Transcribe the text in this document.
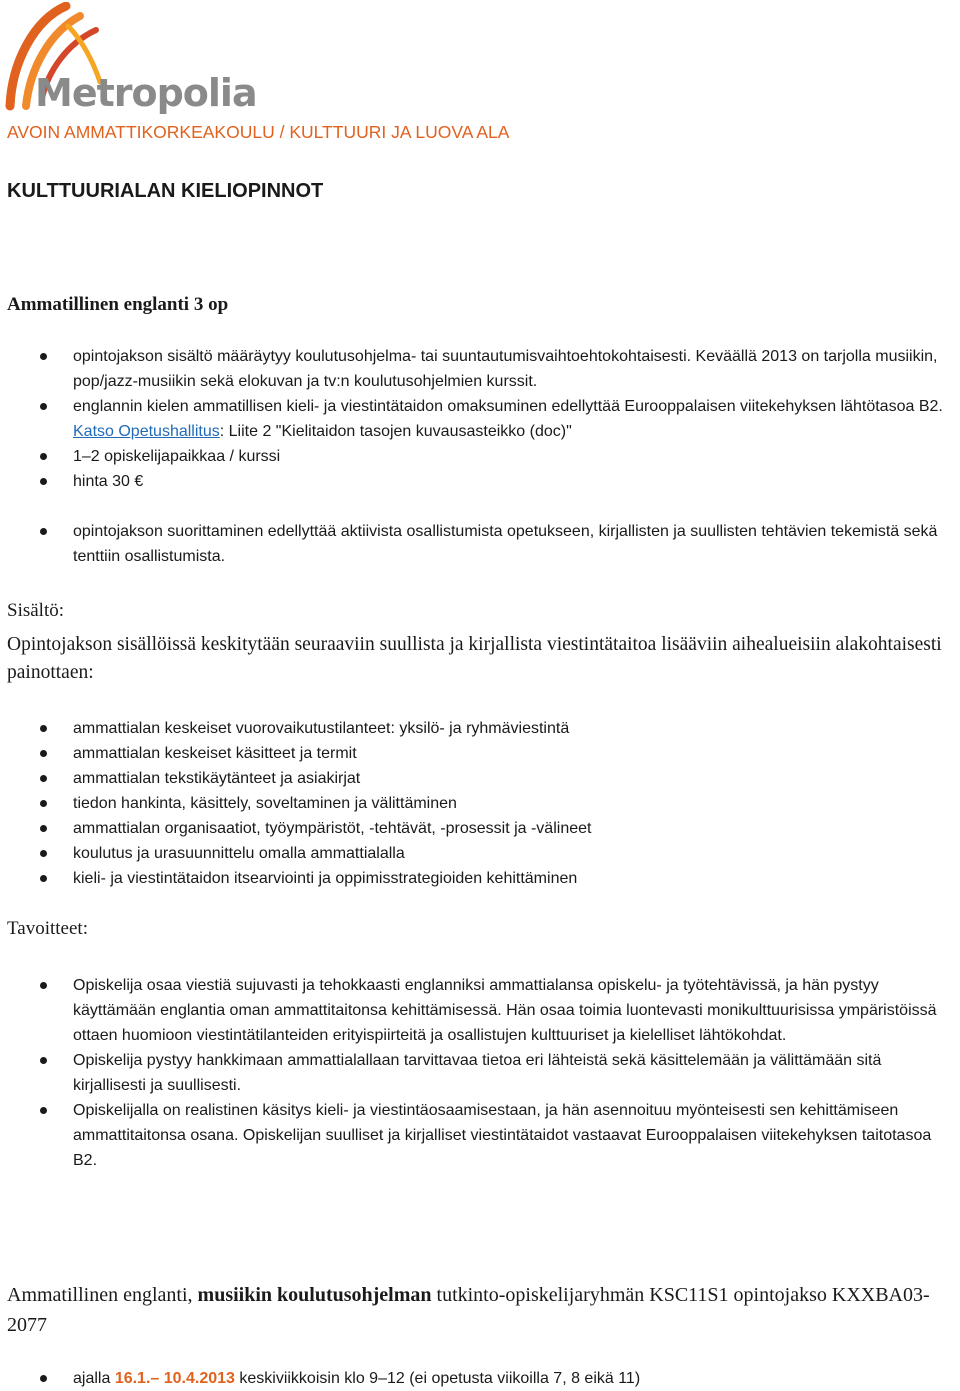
Metropolia
AVOIN AMMATTIKORKEAKOULU / KULTTUURI JA LUOVA ALA
KULTTUURIALAN KIELIOPINNOT
Ammatillinen englanti 3 op
opintojakson sisältö määräytyy koulutusohjelma- tai suuntautumisvaihtoehtokohtaisesti. Keväällä 2013 on tarjolla musiikin, pop/jazz-musiikin sekä elokuvan ja tv:n koulutusohjelmien kurssit.
englannin kielen ammatillisen kieli- ja viestintätaidon omaksuminen edellyttää Eurooppalaisen viitekehyksen lähtötasoa B2. Katso Opetushallitus: Liite 2 "Kielitaidon tasojen kuvausasteikko (doc)"
1–2 opiskelijapaikkaa / kurssi
hinta 30 €
opintojakson suorittaminen edellyttää aktiivista osallistumista opetukseen, kirjallisten ja suullisten tehtävien tekemistä sekä tenttiin osallistumista.
Sisältö:
Opintojakson sisällöissä keskitytään seuraaviin suullista ja kirjallista viestintätaitoa lisääviin aihealueisiin alakohtaisesti painottaen:
ammattialan keskeiset vuorovaikutustilanteet: yksilö- ja ryhmäviestintä
ammattialan keskeiset käsitteet ja termit
ammattialan tekstikäytänteet ja asiakirjat
tiedon hankinta, käsittely, soveltaminen ja välittäminen
ammattialan organisaatiot, työympäristöt, -tehtävät, -prosessit ja -välineet
koulutus ja urasuunnittelu omalla ammattialalla
kieli- ja viestintätaidon itsearviointi ja oppimisstrategioiden kehittäminen
Tavoitteet:
Opiskelija osaa viestiä sujuvasti ja tehokkaasti englanniksi ammattialansa opiskelu- ja työtehtävissä, ja hän pystyy käyttämään englantia oman ammattitaitonsa kehittämisessä. Hän osaa toimia luontevasti monikulttuurisissa ympäristöissä ottaen huomioon viestintätilanteiden erityispiirteitä ja osallistujen kulttuuriset ja kielelliset lähtökohdat.
Opiskelija pystyy hankkimaan ammattialallaan tarvittavaa tietoa eri lähteistä sekä käsittelemään ja välittämään sitä kirjallisesti ja suullisesti.
Opiskelijalla on realistinen käsitys kieli- ja viestintäosaamisestaan, ja hän asennoituu myönteisesti sen kehittämiseen ammattitaitonsa osana. Opiskelijan suulliset ja kirjalliset viestintätaidot vastaavat Eurooppalaisen viitekehyksen taitotasoa B2.
Ammatillinen englanti, musiikin koulutusohjelman tutkinto-opiskelijaryhmän KSC11S1 opintojakso KXXBA03-2077
ajalla 16.1.– 10.4.2013 keskiviikkoisin klo 9–12 (ei opetusta viikoilla 7, 8 eikä 11)
